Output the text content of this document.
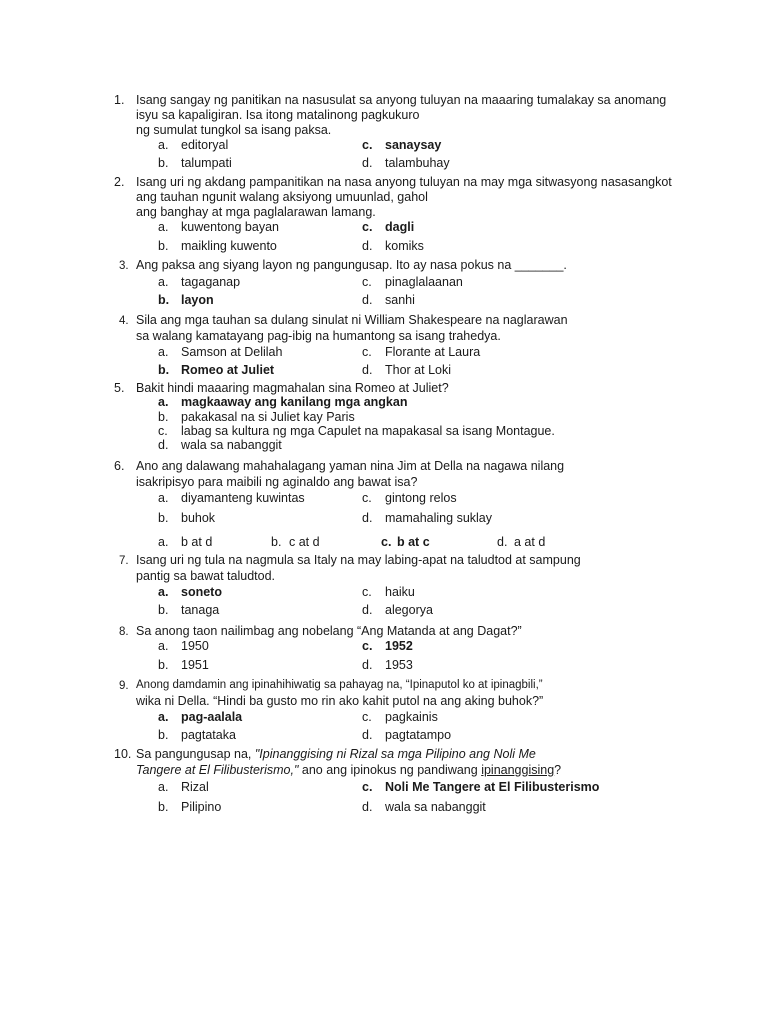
1. Isang sangay ng panitikan na nasusulat sa anyong tuluyan na maaaring tumalakay sa anomang
isyu sa kapaligiran. Isa itong matalinong pagkukuro
ng sumulat tungkol sa isang paksa.
a. editoryal	c. sanaysay
b. talumpati	d. talambuhay
2. Isang uri ng akdang pampanitikan na nasa anyong tuluyan na may mga sitwasyong nasasangkot
ang tauhan ngunit walang aksiyong umuunlad, gahol
ang banghay at mga paglalarawan lamang.
a. kuwentong bayan	c. dagli
b. maikling kuwento	d. komiks
3. Ang paksa ang siyang layon ng pangungusap. Ito ay nasa pokus na _______.
a. tagaganap	c. pinaglalaanan
b. layon	d. sanhi
4. Sila ang mga tauhan sa dulang sinulat ni William Shakespeare na naglarawan
sa walang kamatayang pag-ibig na humantong sa isang trahedya.
a. Samson at Delilah	c. Florante at Laura
b. Romeo at Juliet	d. Thor at Loki
5. Bakit hindi maaaring magmahalan sina Romeo at Juliet?
a. magkaaway ang kanilang mga angkan
b. pakakasal na si Juliet kay Paris
c. labag sa kultura ng mga Capulet na mapakasal sa isang Montague.
d. wala sa nabanggit
6. Ano ang dalawang mahahalagang yaman nina Jim at Della na nagawa nilang
isakripisyo para maibili ng aginaldo ang bawat isa?
a. diyamanteng kuwintas	c. gintong relos
b. buhok	d. mamahaling suklay
a. b at d	b. c at d	c. b at c	d. a at d
7. Isang uri ng tula na nagmula sa Italy na may labing-apat na taludtod at sampung
pantig sa bawat taludtod.
a. soneto	c. haiku
b. tanaga	d. alegorya
8. Sa anong taon nailimbag ang nobelang “Ang Matanda at ang Dagat?”
a. 1950	c. 1952
b. 1951	d. 1953
9. Anong damdamin ang ipinahihiwatig sa pahayag na, “Ipinaputol ko at ipinagbili,”
wika ni Della. “Hindi ba gusto mo rin ako kahit putol na ang aking buhok?”
a. pag-aalala	c. pagkainis
b. pagtataka	d. pagtatampo
10. Sa pangungusap na, "Ipinanggising ni Rizal sa mga Pilipino ang Noli Me
Tangere at El Filibusterismo," ano ang ipinokus ng pandiwang ipinanggising?
a. Rizal	c. Noli Me Tangere at El Filibusterismo
b. Pilipino	d. wala sa nabanggit
